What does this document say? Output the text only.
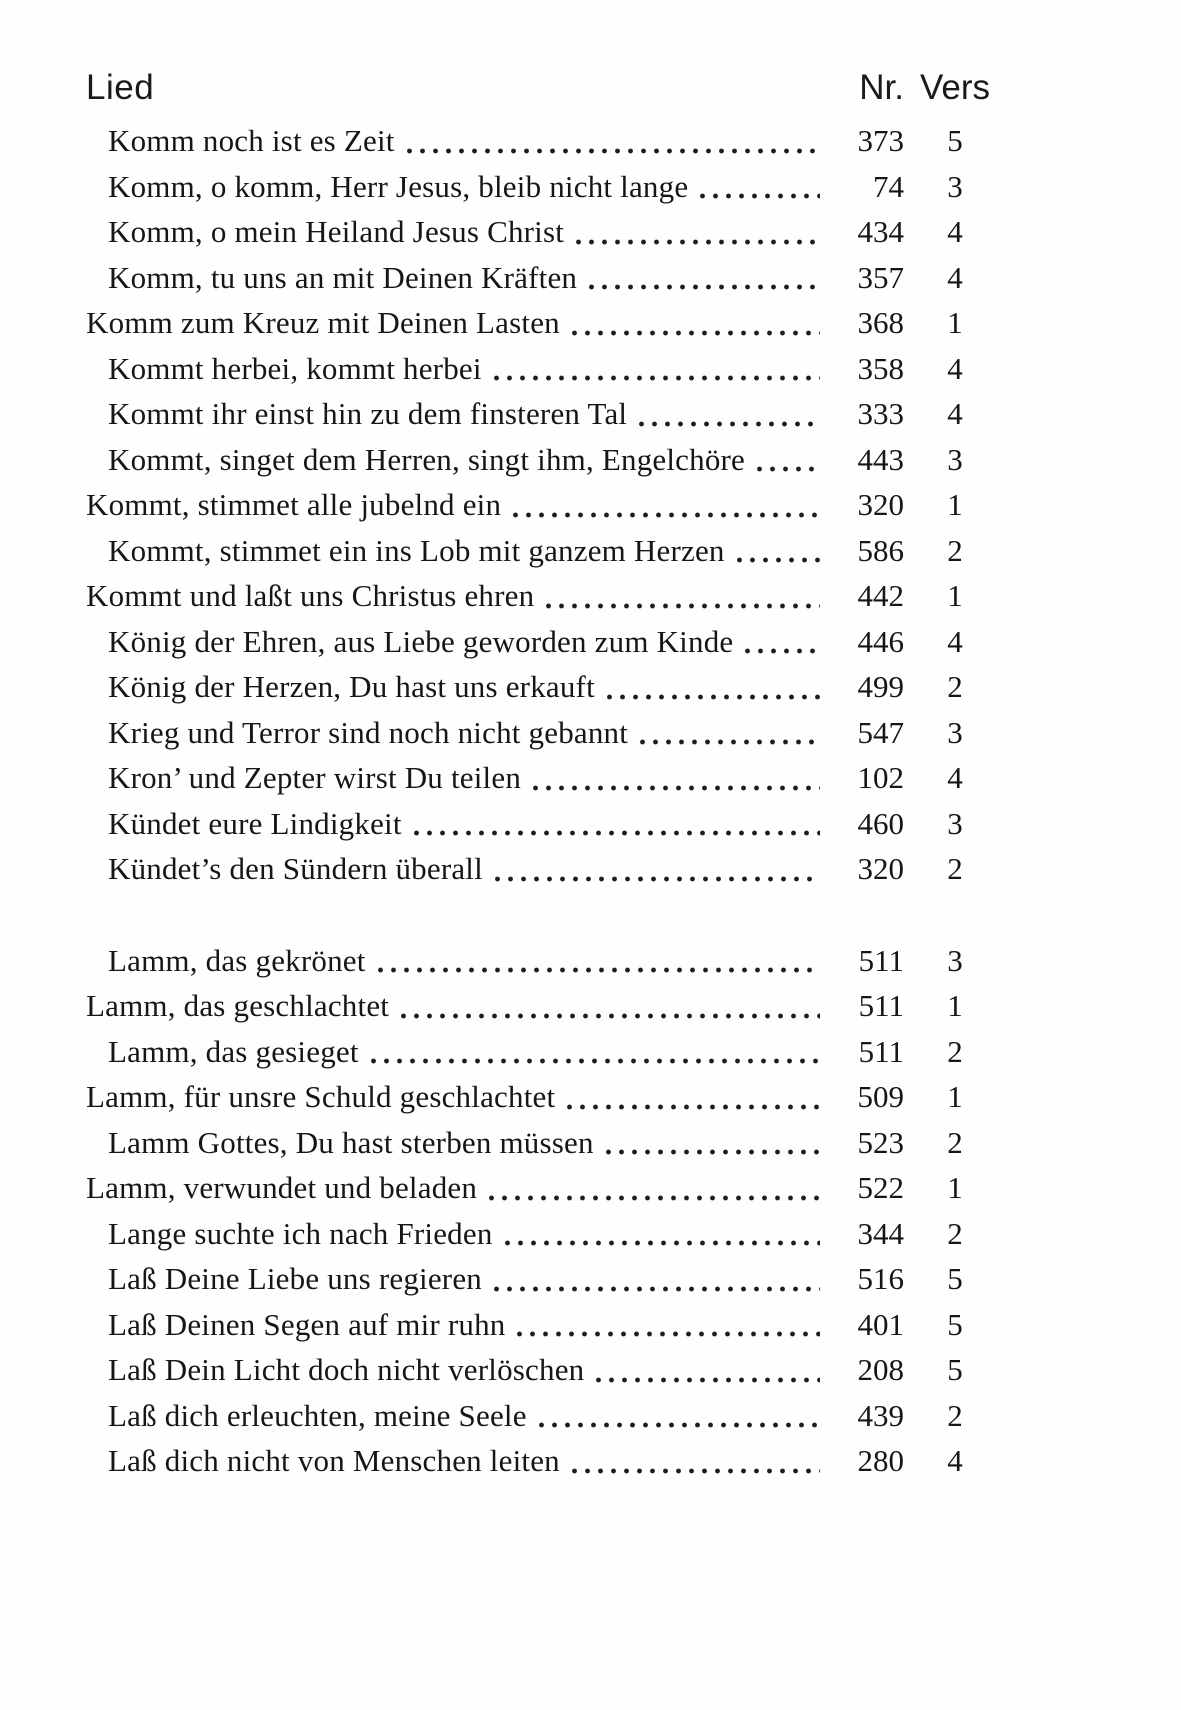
Lied	Nr. Vers
Komm noch ist es Zeit	373	5
Komm, o komm, Herr Jesus, bleib nicht lange	74	3
Komm, o mein Heiland Jesus Christ	434	4
Komm, tu uns an mit Deinen Kräften	357	4
Komm zum Kreuz mit Deinen Lasten	368	1
Kommt herbei, kommt herbei	358	4
Kommt ihr einst hin zu dem finsteren Tal	333	4
Kommt, singet dem Herren, singt ihm, Engelchöre	443	3
Kommt, stimmet alle jubelnd ein	320	1
Kommt, stimmet ein ins Lob mit ganzem Herzen	586	2
Kommt und laßt uns Christus ehren	442	1
König der Ehren, aus Liebe geworden zum Kinde	446	4
König der Herzen, Du hast uns erkauft	499	2
Krieg und Terror sind noch nicht gebannt	547	3
Kron’ und Zepter wirst Du teilen	102	4
Kündet eure Lindigkeit	460	3
Kündet’s den Sündern überall	320	2
Lamm, das gekrönet	511	3
Lamm, das geschlachtet	511	1
Lamm, das gesieget	511	2
Lamm, für unsre Schuld geschlachtet	509	1
Lamm Gottes, Du hast sterben müssen	523	2
Lamm, verwundet und beladen	522	1
Lange suchte ich nach Frieden	344	2
Laß Deine Liebe uns regieren	516	5
Laß Deinen Segen auf mir ruhn	401	5
Laß Dein Licht doch nicht verlöschen	208	5
Laß dich erleuchten, meine Seele	439	2
Laß dich nicht von Menschen leiten	280	4
